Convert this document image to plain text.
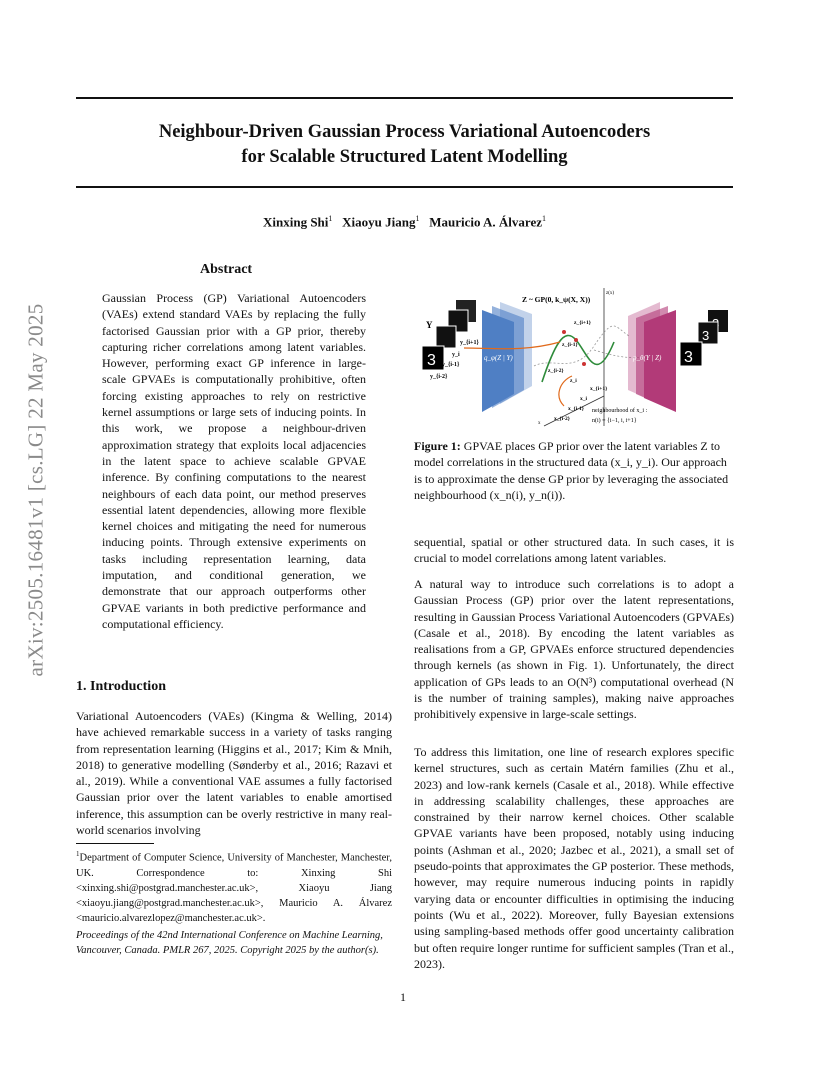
Neighbour-Driven Gaussian Process Variational Autoencoders
for Scalable Structured Latent Modelling
Xinxing Shi$^1$ Xiaoyu Jiang$^1$ Mauricio A. Álvarez$^1$
arXiv:2505.16481v1 [cs.LG] 22 May 2025
Abstract
Gaussian Process (GP) Variational Autoencoders (VAEs) extend standard VAEs by replacing the fully factorised Gaussian prior with a GP prior, thereby capturing richer correlations among latent variables. However, performing exact GP inference in large-scale GPVAEs is computationally prohibitive, often forcing existing approaches to rely on restrictive kernel assumptions or large sets of inducing points. In this work, we propose a neighbour-driven approximation strategy that exploits local adjacencies in the latent space to achieve scalable GPVAE inference. By confining computations to the nearest neighbours of each data point, our method preserves essential latent dependencies, allowing more flexible kernel choices and mitigating the need for numerous inducing points. Through extensive experiments on tasks including representation learning, data imputation, and conditional generation, we demonstrate that our approach outperforms other GPVAE variants in both predictive performance and computational efficiency.
1. Introduction
Variational Autoencoders (VAEs) (Kingma & Welling, 2014) have achieved remarkable success in a variety of tasks ranging from representation learning (Higgins et al., 2017; Kim & Mnih, 2018) to generative modelling (Sønderby et al., 2016; Razavi et al., 2019). While a conventional VAE assumes a fully factorised Gaussian prior over the latent variables to enable amortised inference, this assumption can be overly restrictive in many real-world scenarios involving
$^1$Department of Computer Science, University of Manchester, Manchester, UK. Correspondence to: Xinxing Shi <xinxing.shi@postgrad.manchester.ac.uk>, Xiaoyu Jiang <xiaoyu.jiang@postgrad.manchester.ac.uk>, Mauricio A. Álvarez <mauricio.alvarezlopez@manchester.ac.uk>.
Proceedings of the 42nd International Conference on Machine Learning, Vancouver, Canada. PMLR 267, 2025. Copyright 2025 by the author(s).
3
Y
y_{i+1}
y_i
y_{i-1}
y_{i-2}
q_φ(Z | Y)
Z ~ GP(0, k_ψ(X, X))
z(x)
x
z_{i+1}
z_{i-1}
z_{i-2}
z_i
x_{i+1}
x_i
x_{i-1}
x_{i-2}
neighbourhood of x_i :
n(i) = {i−1, i, i+1}
p_θ(Y | Z)
3
3
Figure 1: GPVAE places GP prior over the latent variables Z to model correlations in the structured data (x_i, y_i). Our approach is to approximate the dense GP prior by leveraging the associated neighbourhood (x_n(i), y_n(i)).
sequential, spatial or other structured data. In such cases, it is crucial to model correlations among latent variables.
A natural way to introduce such correlations is to adopt a Gaussian Process (GP) prior over the latent representations, resulting in Gaussian Process Variational Autoencoders (GPVAEs) (Casale et al., 2018). By encoding the latent variables as realisations from a GP, GPVAEs enforce structured dependencies through kernels (as shown in Fig. 1). Unfortunately, the direct application of GPs leads to an O(N³) computational overhead (N is the number of training samples), making naive approaches prohibitively expensive in large-scale settings.
To address this limitation, one line of research explores specific kernel structures, such as certain Matérn families (Zhu et al., 2023) and low-rank kernels (Casale et al., 2018). While effective in addressing scalability challenges, these approaches are constrained by their narrow kernel choices. Other scalable GPVAE variants have been proposed, notably using inducing points (Ashman et al., 2020; Jazbec et al., 2021), a small set of pseudo-points that approximates the GP posterior. These methods, however, may require numerous inducing points in rapidly varying data or encounter difficulties in optimising the inducing points (Wu et al., 2022). Moreover, fully Bayesian extensions using sampling-based methods offer good uncertainty calibration but often require longer runtime for sufficient samples (Tran et al., 2023).
1
